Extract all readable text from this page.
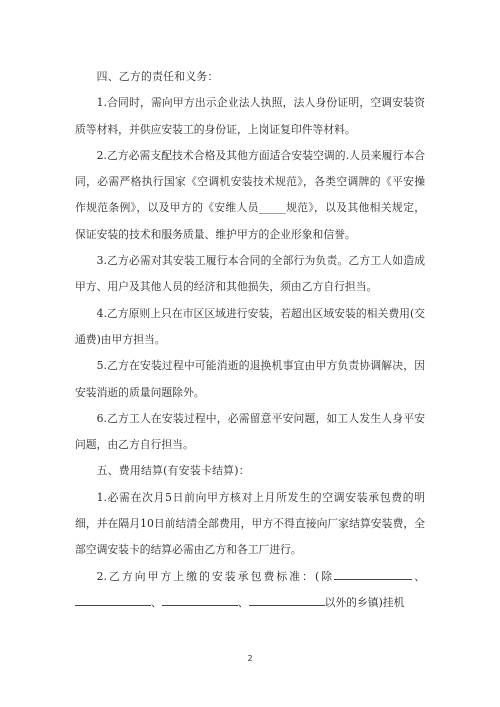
四、乙方的责任和义务：

1.合同时，需向甲方出示企业法人执照，法人身份证明，空调安装资质等材料，并供应安装工的身份证，上岗证复印件等材料。

2.乙方必需支配技术合格及其他方面适合安装空调的.人员来履行本合同，必需严格执行国家《空调机安装技术规范》，各类空调牌的《平安操作规范条例》，以及甲方的《安维人员_____规范》，以及其他相关规定，保证安装的技术和服务质量、维护甲方的企业形象和信誉。

3.乙方必需对其安装工履行本合同的全部行为负责。乙方工人如造成甲方、用户及其他人员的经济和其他损失，须由乙方自行担当。

4.乙方原则上只在市区区域进行安装，若超出区域安装的相关费用(交通费)由甲方担当。

5.乙方在安装过程中可能消逝的退换机事宜由甲方负责协调解决，因安装消逝的质量问题除外。

6.乙方工人在安装过程中，必需留意平安问题，如工人发生人身平安问题，由乙方自行担当。

五、费用结算(有安装卡结算)：

1.必需在次月5日前向甲方核对上月所发生的空调安装承包费的明细，并在隔月10日前结清全部费用，甲方不得直接向厂家结算安装费，全部空调安装卡的结算必需由乙方和各工厂进行。

2.乙方向甲方上缴的安装承包费标准：(除	、、	、	以外的乡镇)挂机

2
